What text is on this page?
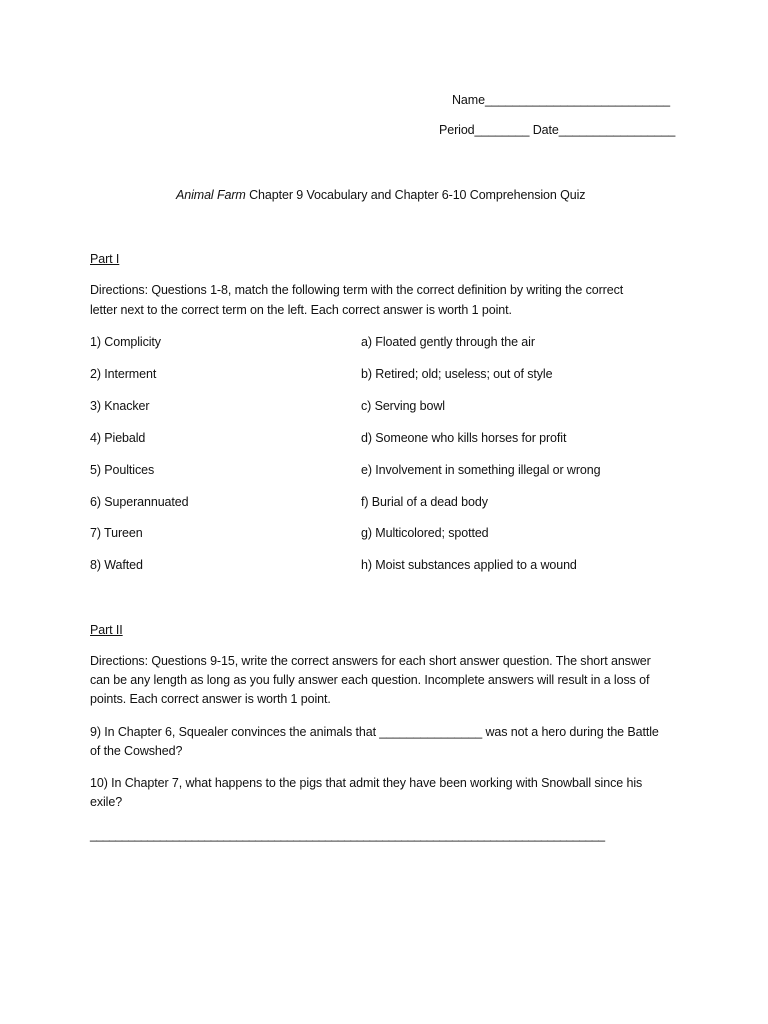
Name___________________________
Period________ Date_________________
Animal Farm Chapter 9 Vocabulary and Chapter 6-10 Comprehension Quiz
Part I
Directions: Questions 1-8, match the following term with the correct definition by writing the correct
letter next to the correct term on the left. Each correct answer is worth 1 point.
1) Complicity
2) Interment
3) Knacker
4) Piebald
5) Poultices
6) Superannuated
7) Tureen
8) Wafted
a) Floated gently through the air
b) Retired; old; useless; out of style
c) Serving bowl
d) Someone who kills horses for profit
e) Involvement in something illegal or wrong
f) Burial of a dead body
g) Multicolored; spotted
h) Moist substances applied to a wound
Part II
Directions: Questions 9-15, write the correct answers for each short answer question. The short answer
can be any length as long as you fully answer each question. Incomplete answers will result in a loss of
points. Each correct answer is worth 1 point.
9) In Chapter 6, Squealer convinces the animals that _______________ was not a hero during the Battle
of the Cowshed?
10) In Chapter 7, what happens to the pigs that admit they have been working with Snowball since his
exile?
_________________________________________________________________________________
